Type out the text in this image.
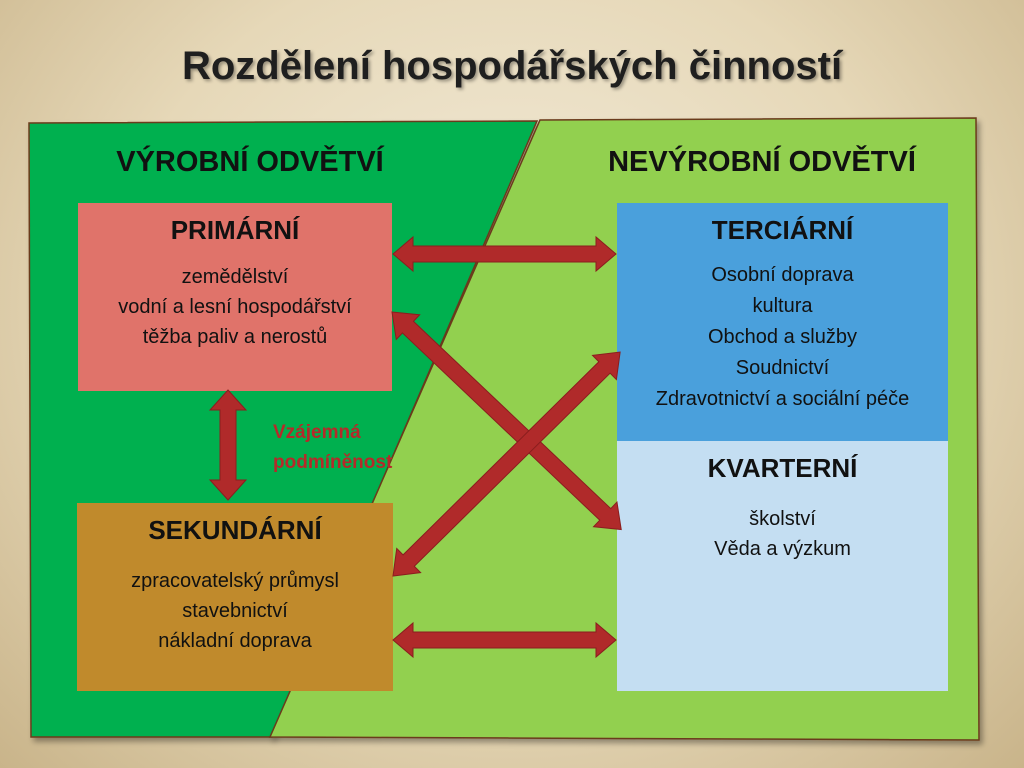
Rozdělení hospodářských činností
VÝROBNÍ ODVĚTVÍ	NEVÝROBNÍ ODVĚTVÍ
PRIMÁRNÍ
zemědělství
vodní a lesní hospodářství
těžba paliv a nerostů
SEKUNDÁRNÍ
zpracovatelský průmysl
stavebnictví
nákladní doprava
TERCIÁRNÍ
Osobní doprava
kultura
Obchod a služby
Soudnictví
Zdravotnictví a sociální péče
KVARTERNÍ
školství
Věda a výzkum
Vzájemná
podmíněnost
